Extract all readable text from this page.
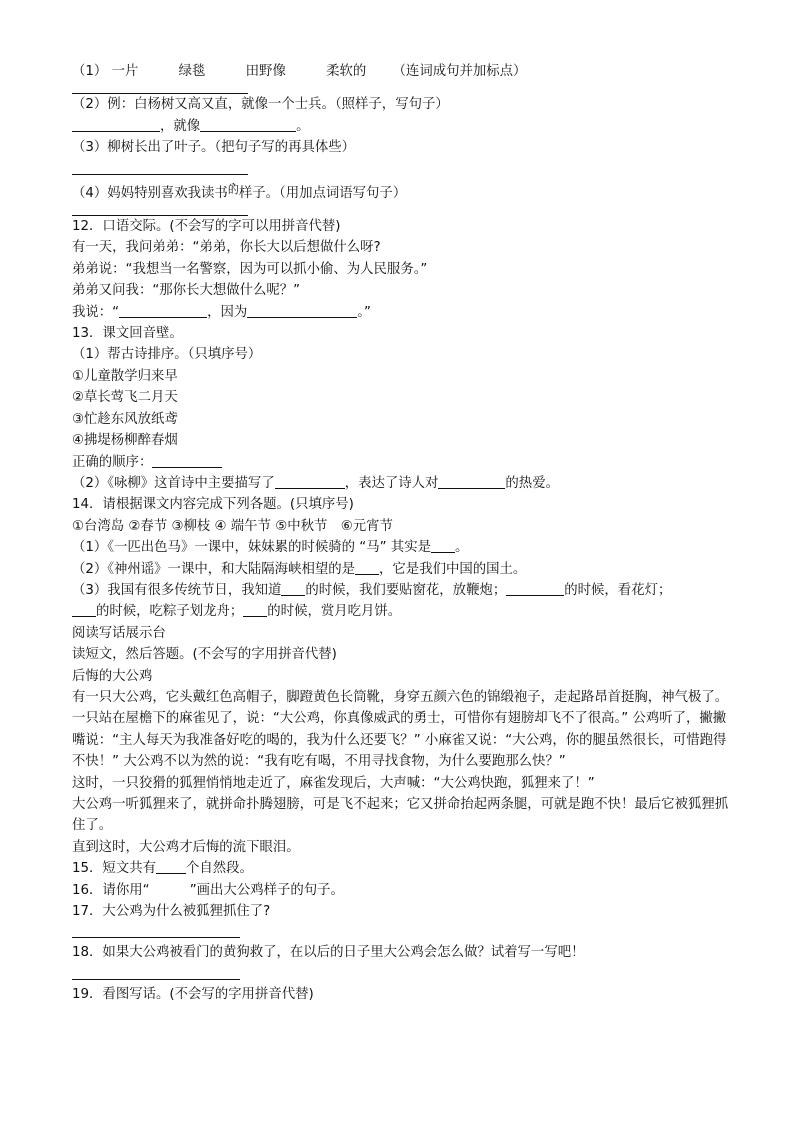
（1） 一片	绿毯	田野像	柔软的 （连词成句并加标点）
（2）例：白杨树又高又直，就像一个士兵。（照样子，写句子）
，就像	。
（3）柳树长出了叶子。（把句子写的再具体些）
（4）妈妈特别喜欢我读书$^的$样子。（用加点词语写句子）
12．口语交际。(不会写的字可以用拼音代替)
有一天，我问弟弟：“弟弟，你长大以后想做什么呀?
弟弟说：“我想当一名警察，因为可以抓小偷、为人民服务。”
弟弟又问我：“那你长大想做什么呢？”
我说：“	，因为	。”
13．课文回音壁。
（1）帮古诗排序。（只填序号）
①儿童散学归来早
②草长莺飞二月天
③忙趁东风放纸鸢
④拂堤杨柳醉春烟
正确的顺序：
（2）《咏柳》这首诗中主要描写了	，表达了诗人对	的热爱。
14．请根据课文内容完成下列各题。(只填序号)
①台湾岛 ②春节 ③柳枝 ④ 端午节 ⑤中秋节　⑥元宵节
（1）《一匹出色马》一课中，妹妹累的时候骑的 “马” 其实是 。
（2）《神州谣》一课中，和大陆隔海峡相望的是 ，它是我们中国的国土。
（3）我国有很多传统节日，我知道 的时候，我们要贴窗花，放鞭炮；	的时候，看花灯；
的时候，吃粽子划龙舟； 的时候，赏月吃月饼。
阅读写话展示台
读短文，然后答题。(不会写的字用拼音代替)
后悔的大公鸡
有一只大公鸡，它头戴红色高帽子，脚蹬黄色长筒靴，身穿五颜六色的锦缎袍子，走起路昂首挺胸，神气极了。
一只站在屋檐下的麻雀见了，说：“大公鸡，你真像威武的勇士，可惜你有翅膀却飞不了很高。” 公鸡听了，撇撇嘴说：“主人每天为我准备好吃的喝的，我为什么还要飞？” 小麻雀又说：“大公鸡，你的腿虽然很长，可惜跑得不快！” 大公鸡不以为然的说：“我有吃有喝，不用寻找食物，为什么要跑那么快？”
这时，一只狡猾的狐狸悄悄地走近了，麻雀发现后，大声喊：“大公鸡快跑，狐狸来了！”
大公鸡一听狐狸来了，就拼命扑腾翅膀，可是飞不起来；它又拼命抬起两条腿，可就是跑不快！最后它被狐狸抓住了。
直到这时，大公鸡才后悔的流下眼泪。
15．短文共有 个自然段。
16．请你用“　　　”画出大公鸡样子的句子。
17．大公鸡为什么被狐狸抓住了?
18．如果大公鸡被看门的黄狗救了，在以后的日子里大公鸡会怎么做？试着写一写吧！
19．看图写话。(不会写的字用拼音代替)
